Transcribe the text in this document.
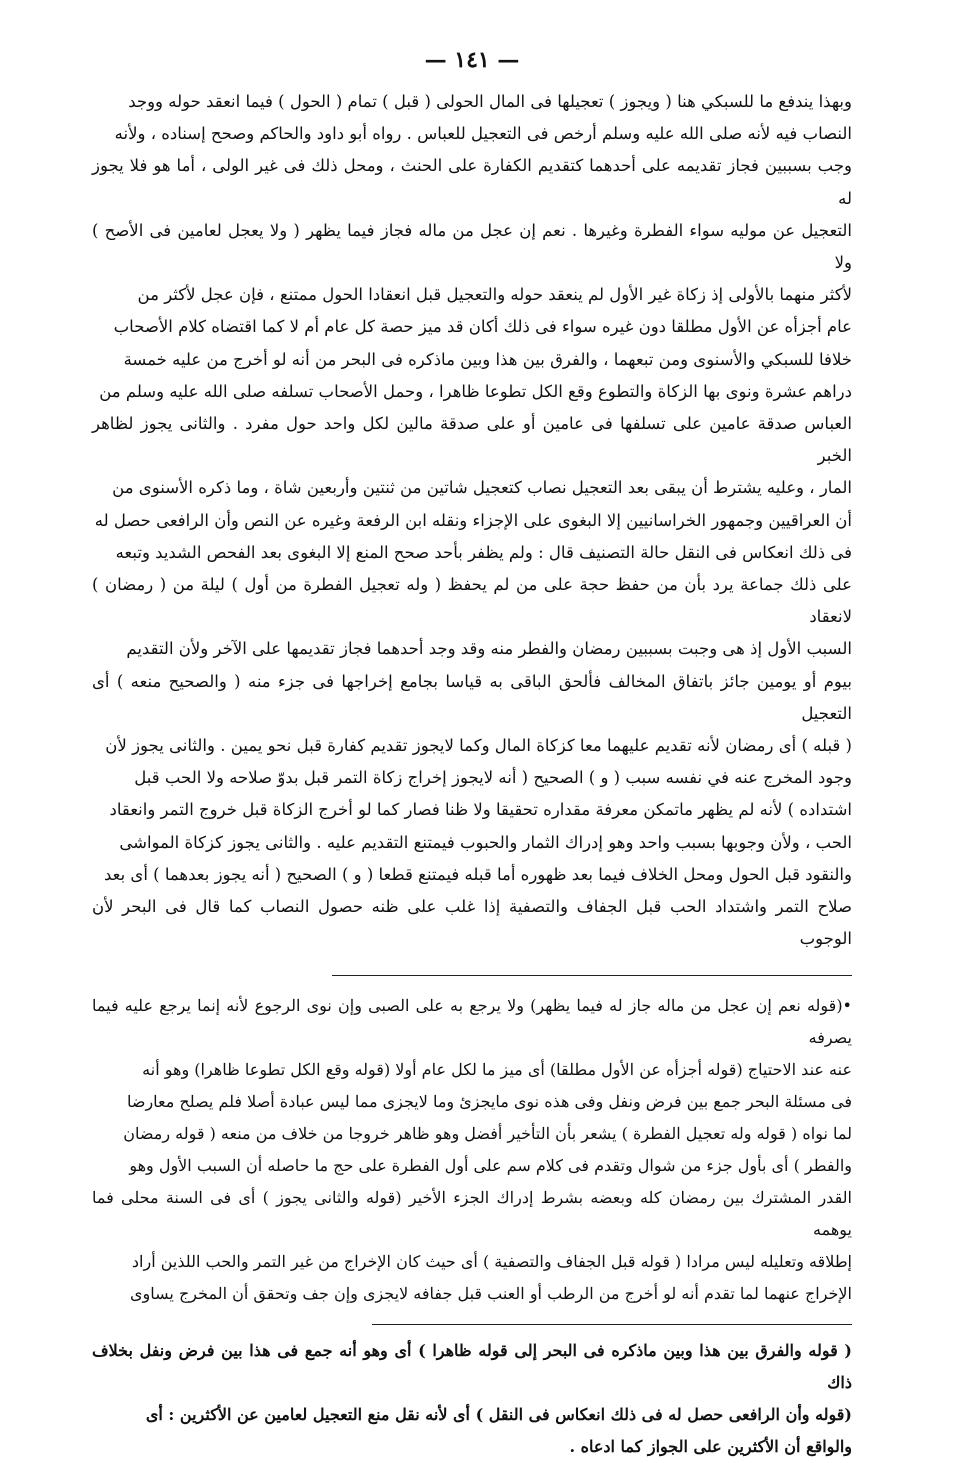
— ١٤١ —

وبهذا يندفع ما للسبكي هنا ( ويجوز ) تعجيلها فى المال الحولى ( قبل ) تمام ( الحول ) فيما انعقد حوله ووجد
النصاب فيه لأنه صلى الله عليه وسلم أرخص فى التعجيل للعباس . رواه أبو داود والحاكم وصحح إسناده ، ولأنه
وجب بسببين فجاز تقديمه على أحدهما كتقديم الكفارة على الحنث ، ومحل ذلك فى غير الولى ، أما هو فلا يجوز له
التعجيل عن موليه سواء الفطرة وغيرها . نعم إن عجل من ماله فجاز فيما يظهر ( ولا يعجل لعامين فى الأصح ) ولا
لأكثر منهما بالأولى إذ زكاة غير الأول لم ينعقد حوله والتعجيل قبل انعقادا الحول ممتنع ، فإن عجل لأكثر من
عام أجزأه عن الأول مطلقا دون غيره سواء فى ذلك أكان قد ميز حصة كل عام أم لا كما اقتضاه كلام الأصحاب
خلافا للسبكي والأسنوى ومن تبعهما ، والفرق بين هذا وبين ماذكره فى البحر من أنه لو أخرج من عليه خمسة
دراهم عشرة ونوى بها الزكاة والتطوع وقع الكل تطوعا ظاهرا ، وحمل الأصحاب تسلفه صلى الله عليه وسلم من
العباس صدقة عامين على تسلفها فى عامين أو على صدقة مالين لكل واحد حول مفرد . والثانى يجوز لظاهر الخبر
المار ، وعليه يشترط أن يبقى بعد التعجيل نصاب كتعجيل شاتين من ثنتين وأربعين شاة ، وما ذكره الأسنوى من
أن العراقيين وجمهور الخراسانيين إلا البغوى على الإجزاء ونقله ابن الرفعة وغيره عن النص وأن الرافعى حصل له
فى ذلك انعكاس فى النقل حالة التصنيف قال : ولم يظفر بأحد صحح المنع إلا البغوى بعد الفحص الشديد وتبعه
على ذلك جماعة يرد بأن من حفظ حجة على من لم يحفظ ( وله تعجيل الفطرة من أول ) ليلة من ( رمضان ) لانعقاد
السبب الأول إذ هى وجبت بسببين رمضان والفطر منه وقد وجد أحدهما فجاز تقديمها على الآخر ولأن التقديم
بيوم أو يومين جائز باتفاق المخالف فألحق الباقى به قياسا بجامع إخراجها فى جزء منه ( والصحيح منعه ) أى التعجيل
( قبله ) أى رمضان لأنه تقديم عليهما معا كزكاة المال وكما لايجوز تقديم كفارة قبل نحو يمين . والثانى يجوز لأن
وجود المخرج عنه في نفسه سبب ( و ) الصحيح ( أنه لايجوز إخراج زكاة التمر قبل بدوّ صلاحه ولا الحب قبل
اشتداده ) لأنه لم يظهر ماتمكن معرفة مقداره تحقيقا ولا ظنا فصار كما لو أخرج الزكاة قبل خروج التمر وانعقاد
الحب ، ولأن وجوبها بسبب واحد وهو إدراك الثمار والحبوب فيمتنع التقديم عليه . والثانى يجوز كزكاة المواشى
والنقود قبل الحول ومحل الخلاف فيما بعد ظهوره أما قبله فيمتنع قطعا ( و ) الصحيح ( أنه يجوز بعدهما ) أى بعد
صلاح التمر واشتداد الحب قبل الجفاف والتصفية إذا غلب على ظنه حصول النصاب كما قال فى البحر لأن الوجوب

•(قوله نعم إن عجل من ماله جاز له فيما يظهر) ولا يرجع به على الصبى وإن نوى الرجوع لأنه إنما يرجع عليه فيما يصرفه
عنه عند الاحتياج (قوله أجزأه عن الأول مطلقا) أى ميز ما لكل عام أولا (قوله وقع الكل تطوعا ظاهرا) وهو أنه
فى مسئلة البحر جمع بين فرض ونفل وفى هذه نوى مايجزئ وما لايجزى مما ليس عبادة أصلا فلم يصلح معارضا
لما نواه ( قوله وله تعجيل الفطرة ) يشعر بأن التأخير أفضل وهو ظاهر خروجا من خلاف من منعه ( قوله رمضان
والفطر ) أى بأول جزء من شوال وتقدم فى كلام سم على أول الفطرة على حج ما حاصله أن السبب الأول وهو
القدر المشترك بين رمضان كله وبعضه بشرط إدراك الجزء الأخير (قوله والثانى يجوز ) أى فى السنة محلى فما يوهمه
إطلاقه وتعليله ليس مرادا ( قوله قبل الجفاف والتصفية ) أى حيث كان الإخراج من غير التمر والحب اللذين أراد
الإخراج عنهما لما تقدم أنه لو أخرج من الرطب أو العنب قبل جفافه لايجزى وإن جف وتحقق أن المخرج يساوى

( قوله والفرق بين هذا وبين ماذكره فى البحر إلى قوله ظاهرا ) أى وهو أنه جمع فى هذا بين فرض ونفل بخلاف ذاك
(قوله وأن الرافعى حصل له فى ذلك انعكاس فى النقل ) أى لأنه نقل منع التعجيل لعامين عن الأكثرين : أى
والواقع أن الأكثرين على الجواز كما ادعاه .
